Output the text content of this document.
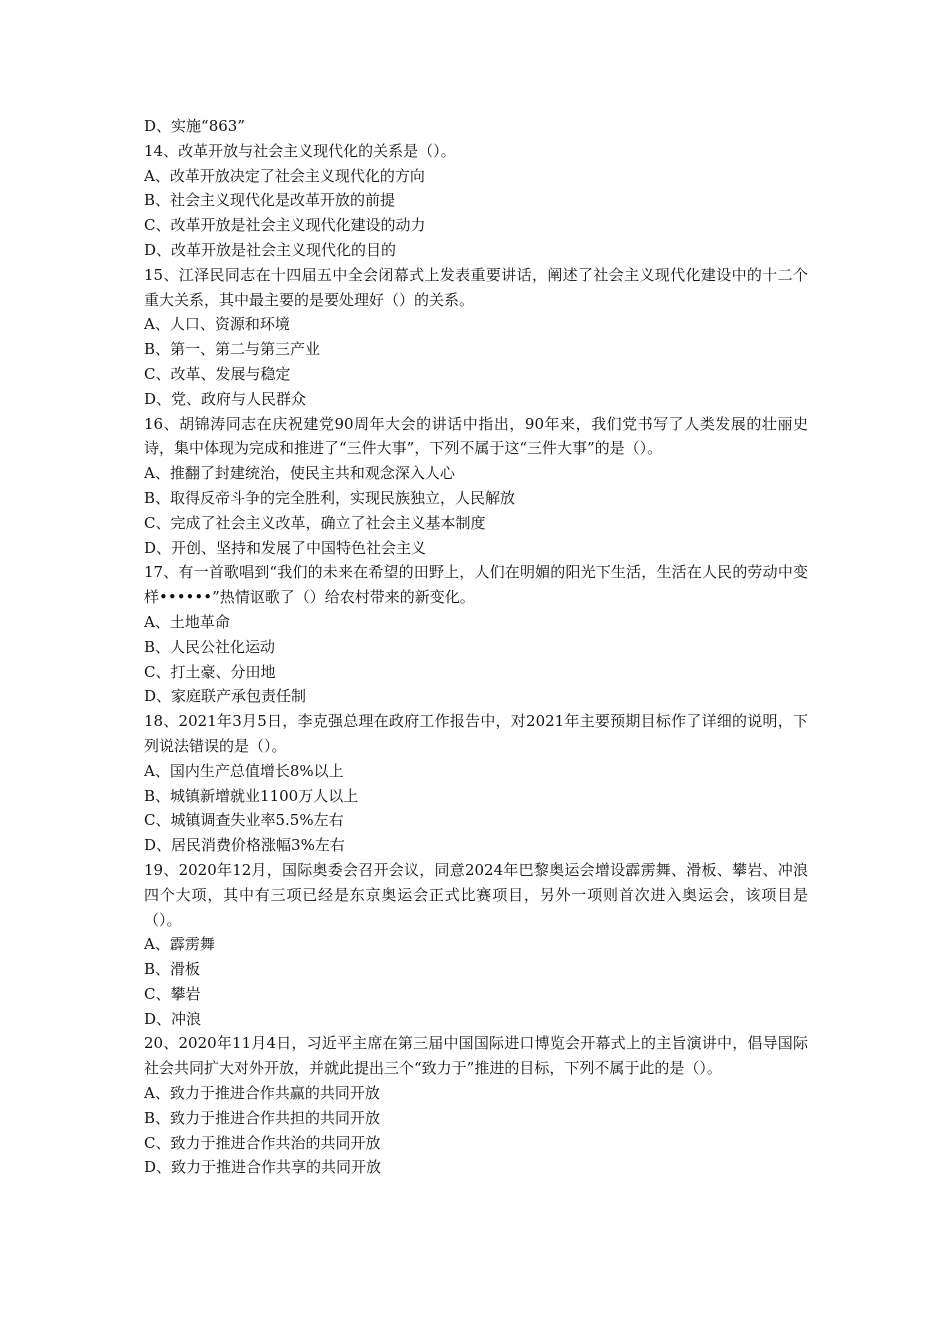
D、实施“863”
14、改革开放与社会主义现代化的关系是（）。
A、改革开放决定了社会主义现代化的方向
B、社会主义现代化是改革开放的前提
C、改革开放是社会主义现代化建设的动力
D、改革开放是社会主义现代化的目的
15、江泽民同志在十四届五中全会闭幕式上发表重要讲话，阐述了社会主义现代化建设中的十二个重大关系，其中最主要的是要处理好（）的关系。
A、人口、资源和环境
B、第一、第二与第三产业
C、改革、发展与稳定
D、党、政府与人民群众
16、胡锦涛同志在庆祝建党90周年大会的讲话中指出，90年来，我们党书写了人类发展的壮丽史诗，集中体现为完成和推进了“三件大事”，下列不属于这“三件大事”的是（）。
A、推翻了封建统治，使民主共和观念深入人心
B、取得反帝斗争的完全胜利，实现民族独立，人民解放
C、完成了社会主义改革，确立了社会主义基本制度
D、开创、坚持和发展了中国特色社会主义
17、有一首歌唱到“我们的未来在希望的田野上，人们在明媚的阳光下生活，生活在人民的劳动中变样••••••”热情讴歌了（）给农村带来的新变化。
A、土地革命
B、人民公社化运动
C、打土豪、分田地
D、家庭联产承包责任制
18、2021年3月5日，李克强总理在政府工作报告中，对2021年主要预期目标作了详细的说明，下列说法错误的是（）。
A、国内生产总值增长8%以上
B、城镇新增就业1100万人以上
C、城镇调查失业率5.5%左右
D、居民消费价格涨幅3%左右
19、2020年12月，国际奥委会召开会议，同意2024年巴黎奥运会增设霹雳舞、滑板、攀岩、冲浪四个大项，其中有三项已经是东京奥运会正式比赛项目，另外一项则首次进入奥运会，该项目是（）。
A、霹雳舞
B、滑板
C、攀岩
D、冲浪
20、2020年11月4日，习近平主席在第三届中国国际进口博览会开幕式上的主旨演讲中，倡导国际社会共同扩大对外开放，并就此提出三个“致力于”推进的目标，下列不属于此的是（）。
A、致力于推进合作共赢的共同开放
B、致力于推进合作共担的共同开放
C、致力于推进合作共治的共同开放
D、致力于推进合作共享的共同开放
